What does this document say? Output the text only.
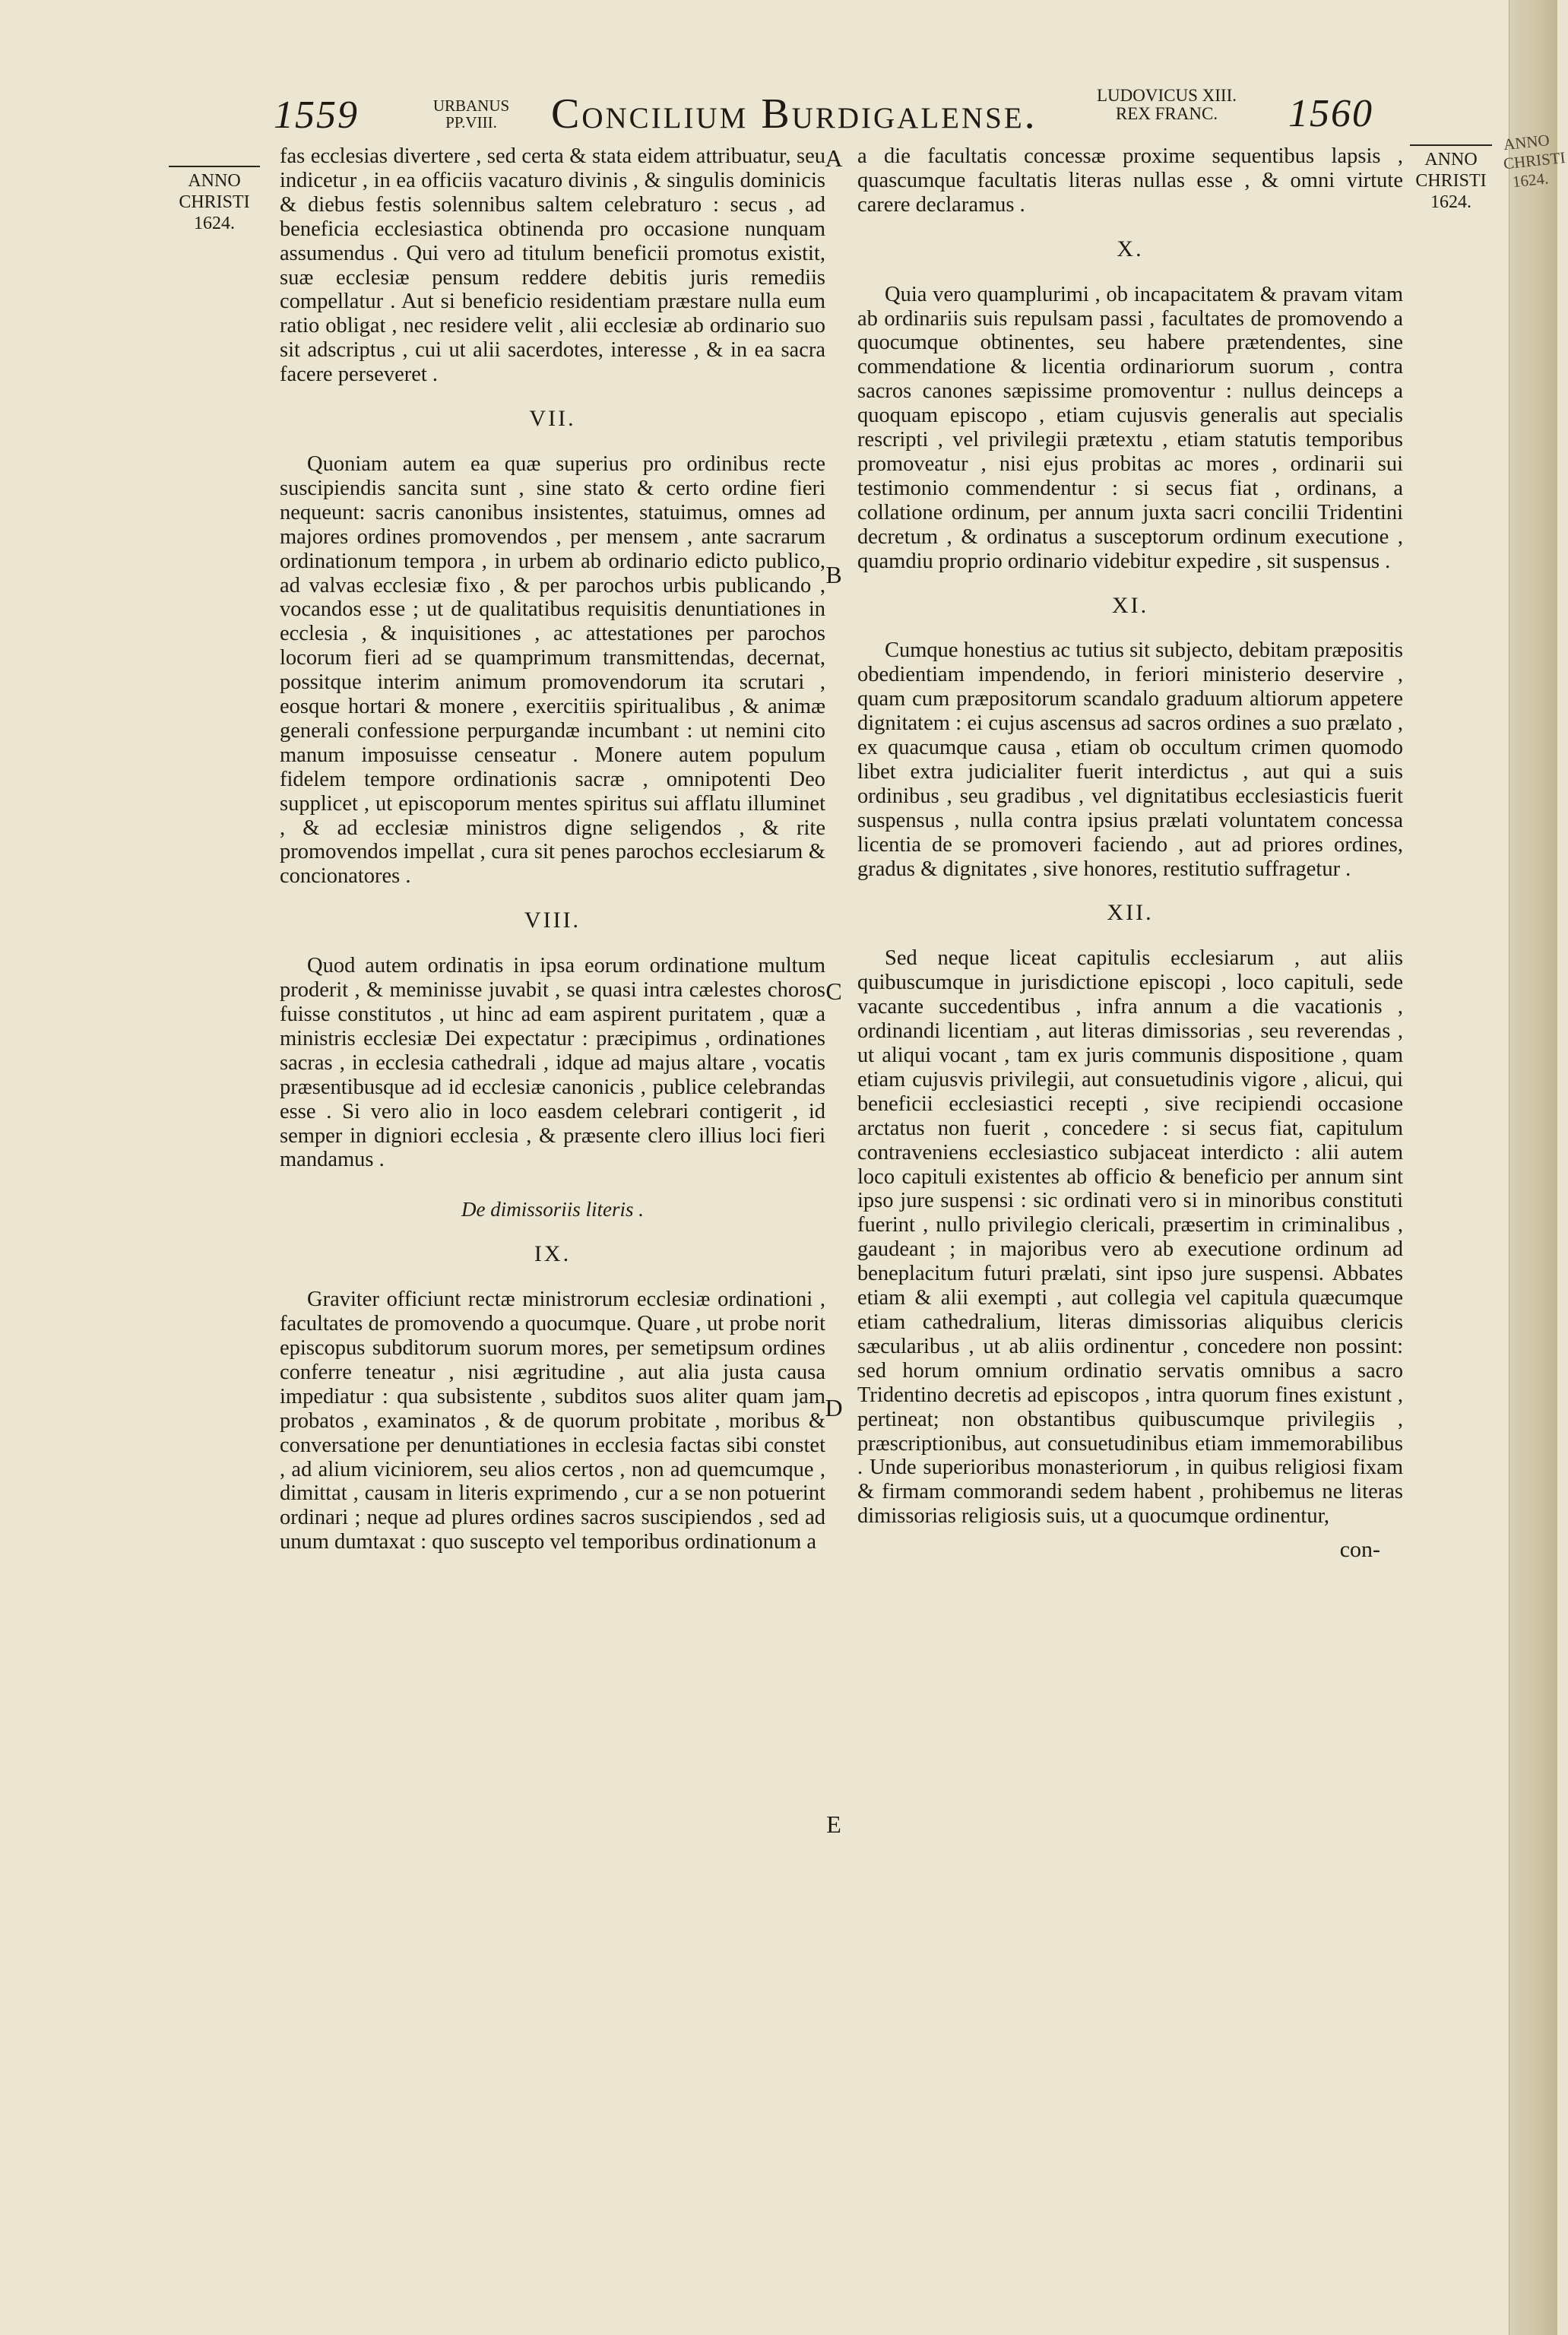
1559	URBANUS
PP.VIII.	Concilium Burdigalense.	LUDOVICUS XIII.
REX FRANC.	1560
ANNO
CHRISTI
1624.
ANNO
CHRISTI
1624.
A
B
C
D
E

fas ecclesias divertere , sed certa & stata eidem attribuatur, seu indicetur , in ea officiis vacaturo divinis , & singulis dominicis & diebus festis solennibus saltem celebraturo : secus , ad beneficia ecclesiastica obtinenda pro occasione nunquam assumendus . Qui vero ad titulum beneficii promotus existit, suæ ecclesiæ pensum reddere debitis juris remediis compellatur . Aut si beneficio residentiam præstare nulla eum ratio obligat , nec residere velit , alii ecclesiæ ab ordinario suo sit adscriptus , cui ut alii sacerdotes, interesse , & in ea sacra facere perseveret .

VII.

Quoniam autem ea quæ superius pro ordinibus recte suscipiendis sancita sunt , sine stato & certo ordine fieri nequeunt: sacris canonibus insistentes, statuimus, omnes ad majores ordines promovendos , per mensem , ante sacrarum ordinationum tempora , in urbem ab ordinario edicto publico, ad valvas ecclesiæ fixo , & per parochos urbis publicando , vocandos esse ; ut de qualitatibus requisitis denuntiationes in ecclesia , & inquisitiones , ac attestationes per parochos locorum fieri ad se quamprimum transmittendas, decernat, possitque interim animum promovendorum ita scrutari , eosque hortari & monere , exercitiis spiritualibus , & animæ generali confessione perpurgandæ incumbant : ut nemini cito manum imposuisse censeatur . Monere autem populum fidelem tempore ordinationis sacræ , omnipotenti Deo supplicet , ut episcoporum mentes spiritus sui afflatu illuminet , & ad ecclesiæ ministros digne seligendos , & rite promovendos impellat , cura sit penes parochos ecclesiarum & concionatores .

VIII.

Quod autem ordinatis in ipsa eorum ordinatione multum proderit , & meminisse juvabit , se quasi intra cælestes choros fuisse constitutos , ut hinc ad eam aspirent puritatem , quæ a ministris ecclesiæ Dei expectatur : præcipimus , ordinationes sacras , in ecclesia cathedrali , idque ad majus altare , vocatis præsentibusque ad id ecclesiæ canonicis , publice celebrandas esse . Si vero alio in loco easdem celebrari contigerit , id semper in digniori ecclesia , & præsente clero illius loci fieri mandamus .

De dimissoriis literis .
IX.

Graviter officiunt rectæ ministrorum ecclesiæ ordinationi , facultates de promovendo a quocumque. Quare , ut probe norit episcopus subditorum suorum mores, per semetipsum ordines conferre teneatur , nisi ægritudine , aut alia justa causa impediatur : qua subsistente , subditos suos aliter quam jam probatos , examinatos , & de quorum probitate , moribus & conversatione per denuntiationes in ecclesia factas sibi constet , ad alium viciniorem, seu alios certos , non ad quemcumque , dimittat , causam in literis exprimendo , cur a se non potuerint ordinari ; neque ad plures ordines sacros suscipiendos , sed ad unum dumtaxat : quo suscepto vel temporibus ordinationum a

a die facultatis concessæ proxime sequentibus lapsis , quascumque facultatis literas nullas esse , & omni virtute carere declaramus .

X.

Quia vero quamplurimi , ob incapacitatem & pravam vitam ab ordinariis suis repulsam passi , facultates de promovendo a quocumque obtinentes, seu habere prætendentes, sine commendatione & licentia ordinariorum suorum , contra sacros canones sæpissime promoventur : nullus deinceps a quoquam episcopo , etiam cujusvis generalis aut specialis rescripti , vel privilegii prætextu , etiam statutis temporibus promoveatur , nisi ejus probitas ac mores , ordinarii sui testimonio commendentur : si secus fiat , ordinans, a collatione ordinum, per annum juxta sacri concilii Tridentini decretum , & ordinatus a susceptorum ordinum executione , quamdiu proprio ordinario videbitur expedire , sit suspensus .

XI.

Cumque honestius ac tutius sit subjecto, debitam præpositis obedientiam impendendo, in feriori ministerio deservire , quam cum præpositorum scandalo graduum altiorum appetere dignitatem : ei cujus ascensus ad sacros ordines a suo prælato , ex quacumque causa , etiam ob occultum crimen quomodo libet extra judicialiter fuerit interdictus , aut qui a suis ordinibus , seu gradibus , vel dignitatibus ecclesiasticis fuerit suspensus , nulla contra ipsius prælati voluntatem concessa licentia de se promoveri faciendo , aut ad priores ordines, gradus & dignitates , sive honores, restitutio suffragetur .

XII.

Sed neque liceat capitulis ecclesiarum , aut aliis quibuscumque in jurisdictione episcopi , loco capituli, sede vacante succedentibus , infra annum a die vacationis , ordinandi licentiam , aut literas dimissorias , seu reverendas , ut aliqui vocant , tam ex juris communis dispositione , quam etiam cujusvis privilegii, aut consuetudinis vigore , alicui, qui beneficii ecclesiastici recepti , sive recipiendi occasione arctatus non fuerit , concedere : si secus fiat, capitulum contraveniens ecclesiastico subjaceat interdicto : alii autem loco capituli existentes ab officio & beneficio per annum sint ipso jure suspensi : sic ordinati vero si in minoribus constituti fuerint , nullo privilegio clericali, præsertim in criminalibus , gaudeant ; in majoribus vero ab executione ordinum ad beneplacitum futuri prælati, sint ipso jure suspensi. Abbates etiam & alii exempti , aut collegia vel capitula quæcumque etiam cathedralium, literas dimissorias aliquibus clericis sæcularibus , ut ab aliis ordinentur , concedere non possint: sed horum omnium ordinatio servatis omnibus a sacro Tridentino decretis ad episcopos , intra quorum fines existunt , pertineat; non obstantibus quibuscumque privilegiis , præscriptionibus, aut consuetudinibus etiam immemorabilibus . Unde superioribus monasteriorum , in quibus religiosi fixam & firmam commorandi sedem habent , prohibemus ne literas dimissorias religiosis suis, ut a quocumque ordinentur,

con-
ANNO
CHRISTI
1624.
